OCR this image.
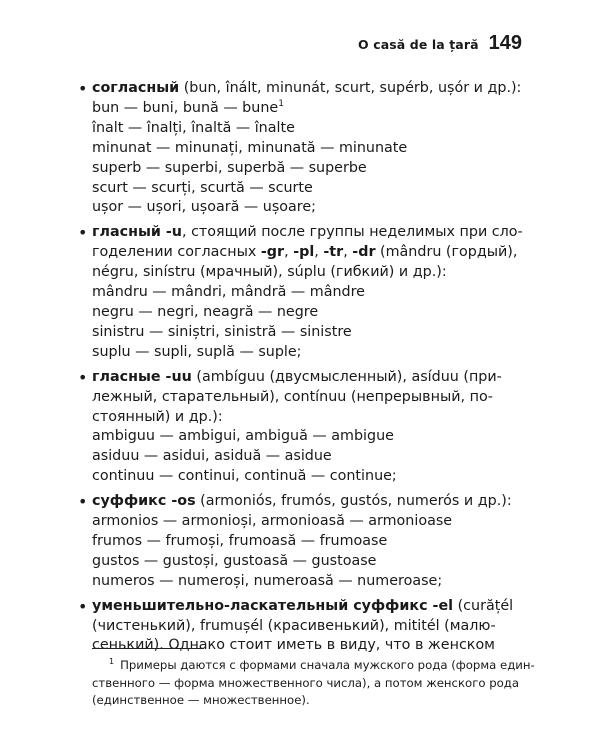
O casă de la țară 149
• согласный (bun, înált, minunát, scurt, supérb, ușór и др.):
bun — buni, bună — bune$^1$
înalt — înalți, înaltă — înalte
minunat — minunați, minunată — minunate
superb — superbi, superbă — superbe
scurt — scurți, scurtă — scurte
ușor — ușori, ușoară — ușoare;
• гласный -u, стоящий после группы неделимых при сло-
годелении согласных -gr, -pl, -tr, -dr (mândru (гордый),
négru, sinístru (мрачный), súplu (гибкий) и др.):
mândru — mândri, mândră — mândre
negru — negri, neagră — negre
sinistru — siniștri, sinistră — sinistre
suplu — supli, suplă — suple;
• гласные -uu (ambíguu (двусмысленный), asíduu (при-
лежный, старательный), contínuu (непрерывный, по-
стоянный) и др.):
ambiguu — ambigui, ambiguă — ambigue
asiduu — asidui, asiduă — asidue
continuu — continui, continuă — continue;
• суффикс -os (armoniós, frumós, gustós, numerós и др.):
armonios — armonioși, armonioasă — armonioase
frumos — frumoși, frumoasă — frumoase
gustos — gustoși, gustoasă — gustoase
numeros — numeroși, numeroasă — numeroase;
• уменьшительно-ласкательный суффикс -el (curățél
(чистенький), frumușél (красивенький), mititél (малю-
сенький). Однако стоит иметь в виду, что в женском
$^1$ Примеры даются с формами сначала мужского рода (форма един-
ственного — форма множественного числа), а потом женского рода
(единственное — множественное).
